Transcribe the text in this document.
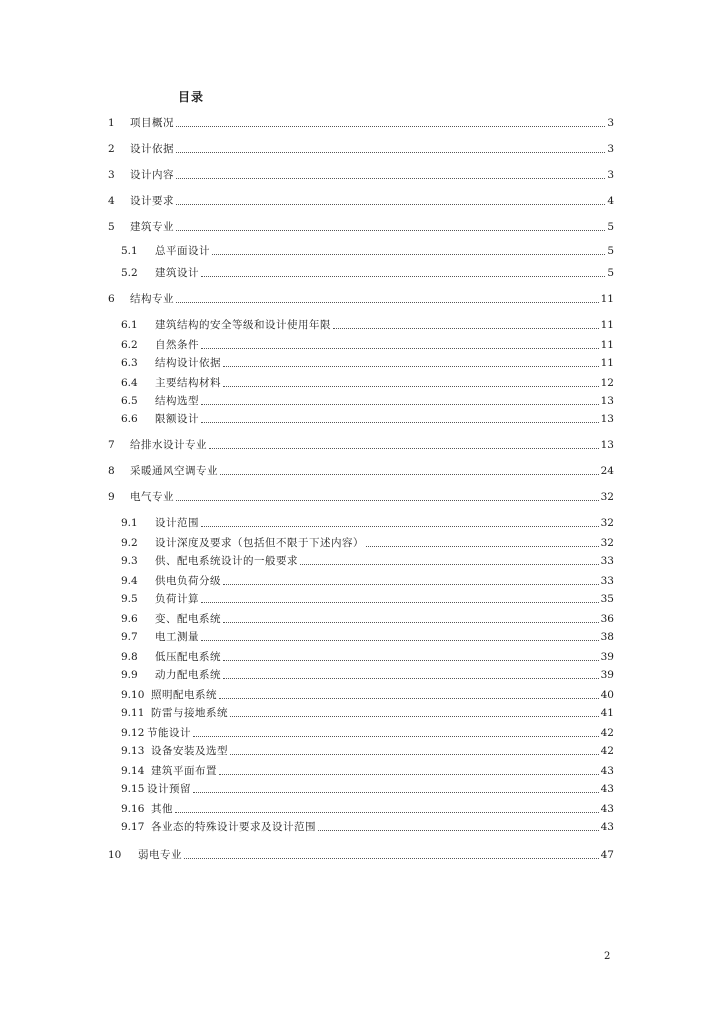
目录
1	项目概况	3
2	设计依据	3
3	设计内容	3
4	设计要求	4
5	建筑专业	5
5.1	总平面设计	5
5.2	建筑设计	5
6	结构专业	11
6.1	建筑结构的安全等级和设计使用年限	11
6.2	自然条件	11
6.3	结构设计依据	11
6.4	主要结构材料	12
6.5	结构选型	13
6.6	限额设计	13
7	给排水设计专业	13
8	采暖通风空调专业	24
9	电气专业	32
9.1	设计范围	32
9.2	设计深度及要求（包括但不限于下述内容）	32
9.3	供、配电系统设计的一般要求	33
9.4	供电负荷分级	33
9.5	负荷计算	35
9.6	变、配电系统	36
9.7	电工测量	38
9.8	低压配电系统	39
9.9	动力配电系统	39
9.10 照明配电系统	40
9.11 防雷与接地系统	41
9.12 节能设计	42
9.13 设备安装及选型	42
9.14 建筑平面布置	43
9.15 设计预留	43
9.16 其他	43
9.17 各业态的特殊设计要求及设计范围	43
10	弱电专业	47
2
